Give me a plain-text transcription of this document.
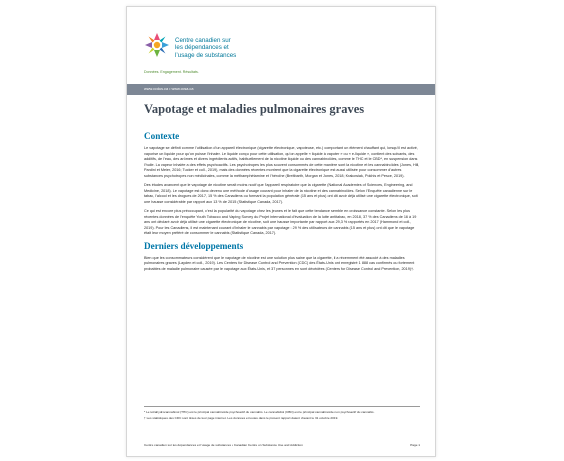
Centre canadien sur
les dépendances et
l’usage de substances
Données. Engagement. Résultats.
www.ccdus.ca • www.ccsa.ca
Vapotage et maladies pulmonaires graves
Contexte

Le vapotage se définit comme l’utilisation d’un appareil électronique (cigarette électronique, vapoteuse, etc.) comportant un élément chauffant qui, lorsqu’il est activé, vaporise un liquide pour qu’on puisse l’inhaler. Le liquide conçu pour cette utilisation, qu’on appelle « liquide à vapoter » ou « e-liquide », contient des solvants, des additifs, de l’eau, des arômes et divers ingrédients actifs, habituellement de la nicotine liquide ou des cannabinoïdes, comme le THC et le CBD*, en suspension dans l’huile. La vapeur inhalée a des effets psychoactifs. Les psychotropes les plus souvent consommés de cette manière sont la nicotine et les cannabinoïdes (Jones, Hill, Pardini et Meier, 2016; Tucker et coll., 2019), mais des données récentes montrent que la cigarette électronique est aussi utilisée pour consommer d’autres substances psychotropes non médicinales, comme la méthamphétamine et l’héroïne (Breitbarth, Morgan et Jones, 2018; Krakowiak, Pokhis et Pesce, 2019).

Des études avancent que le vapotage de nicotine serait moins nocif que l’appareil respiratoire que la cigarette (National Academies of Sciences, Engineering, and Medicine, 2018). Le vapotage est donc devenu une méthode d’usage courant pour inhaler de la nicotine et des cannabinoïdes. Selon l’Enquête canadienne sur le tabac, l’alcool et les drogues de 2017, 15 % des Canadiens ou formant la population générale (15 ans et plus) ont dit avoir déjà utilisé une cigarette électronique, soit une hausse considérable par rapport aux 13 % de 2015 (Statistique Canada, 2017).

Ce qui est encore plus préoccupant, c’est la popularité du vapotage chez les jeunes et le fait que cette tendance semble en croissance constante. Selon les plus récentes données de l’enquête Youth Tobacco and Vaping Survey du Projet international d’évaluation de la lutte antitabac, en 2018, 37 % des Canadiens de 16 à 19 ans ont déclaré avoir déjà utilisé une cigarette électronique de nicotine, soit une hausse importante par rapport aux 29,3 % rapportés en 2017 (Hammond et coll., 2019). Pour les Canadiens, il est maintenant courant d’inhaler le cannabis par vapotage : 29 % des utilisateurs de cannabis (15 ans et plus) ont dit que le vapotage était leur moyen préféré de consommer le cannabis (Statistique Canada, 2017).

Derniers développements

Bien que les consommateurs considèrent que le vapotage de nicotine est une solution plus saine que la cigarette, il a récemment été associé à des maladies pulmonaires graves (Layden et coll., 2019). Les Centers for Disease Control and Prevention (CDC) des États-Unis ont enregistré 1 888 cas confirmés ou fortement probables de maladie pulmonaire causée par le vapotage aux États-Unis, et 37 personnes en sont décédées (Centers for Disease Control and Prevention, 2019)†.

* Le tétrahydrocannabinol (THC) est le principal cannabinoïde psychoactif du cannabis. Le cannabidiol (CBD) est le principal cannabinoïde non psychoactif du cannabis.

† Les statistiques des CDC sont tirées de leur page internet. Les données et toutes dans le présent rapport datent d’avant le 31 octobre 2019.

Centre canadien sur les dépendances et l’usage de substances • Canadian Centre on Substance Use and Addiction	Page 1
